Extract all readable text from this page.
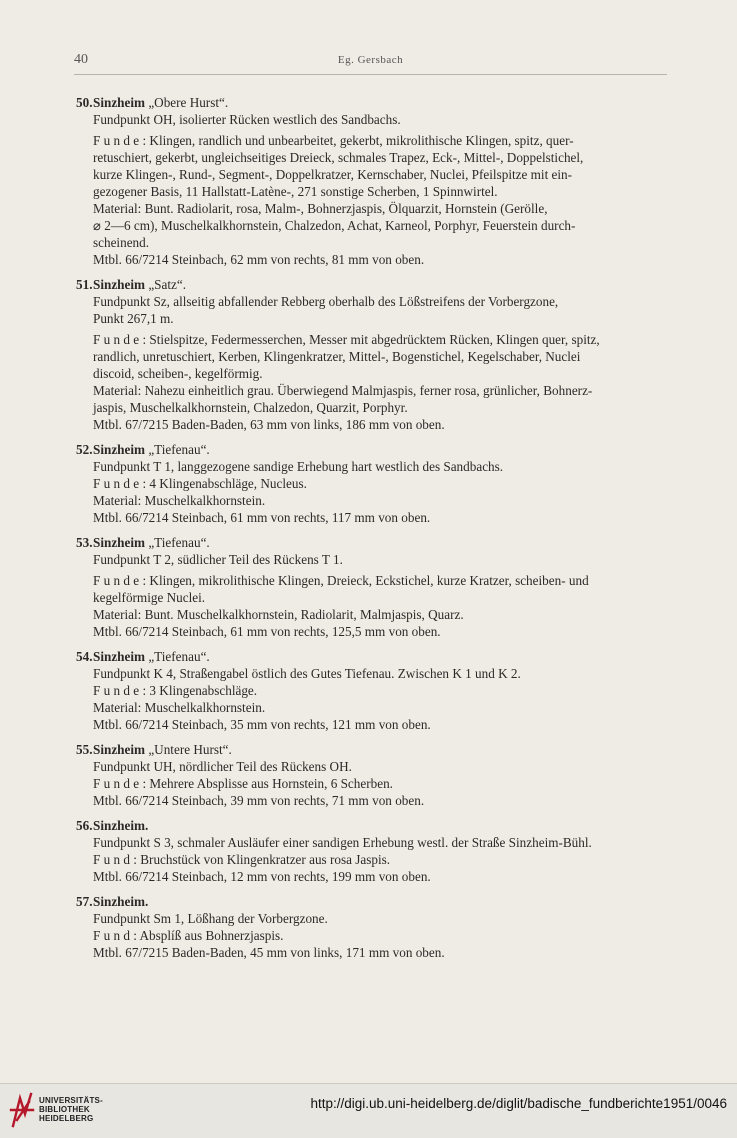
40	Eg. Gersbach
50. Sinzheim
„Obere Hurst“.
Fundpunkt OH, isolierter Rücken westlich des Sandbachs.
F u n d e : Klingen, randlich und unbearbeitet, gekerbt, mikrolithische Klingen, spitz, quer-
retuschiert, gekerbt, ungleichseitiges Dreieck, schmales Trapez, Eck-, Mittel-, Doppelstichel,
kurze Klingen-, Rund-, Segment-, Doppelkratzer, Kernschaber, Nuclei, Pfeilspitze mit ein-
gezogener Basis, 11 Hallstatt-Latène-, 271 sonstige Scherben, 1 Spinnwirtel.
Material: Bunt. Radiolarit, rosa, Malm-, Bohnerzjaspis, Ölquarzit, Hornstein (Gerölle,
⌀ 2—6 cm), Muschelkalkhornstein, Chalzedon, Achat, Karneol, Porphyr, Feuerstein durch-
scheinend.
Mtbl. 66/7214 Steinbach, 62 mm von rechts, 81 mm von oben.
51. Sinzheim
„Satz“.
Fundpunkt Sz, allseitig abfallender Rebberg oberhalb des Lößstreifens der Vorbergzone,
Punkt 267,1 m.
F u n d e : Stielspitze, Federmesserchen, Messer mit abgedrücktem Rücken, Klingen quer, spitz,
randlich, unretuschiert, Kerben, Klingenkratzer, Mittel-, Bogenstichel, Kegelschaber, Nuclei
discoid, scheiben-, kegelförmig.
Material: Nahezu einheitlich grau. Überwiegend Malmjaspis, ferner rosa, grünlicher, Bohnerz-
jaspis, Muschelkalkhornstein, Chalzedon, Quarzit, Porphyr.
Mtbl. 67/7215 Baden-Baden, 63 mm von links, 186 mm von oben.
52. Sinzheim
„Tiefenau“.
Fundpunkt T 1, langgezogene sandige Erhebung hart westlich des Sandbachs.
F u n d e : 4 Klingenabschläge, Nucleus.
Material: Muschelkalkhornstein.
Mtbl. 66/7214 Steinbach, 61 mm von rechts, 117 mm von oben.
53. Sinzheim
„Tiefenau“.
Fundpunkt T 2, südlicher Teil des Rückens T 1.
F u n d e : Klingen, mikrolithische Klingen, Dreieck, Eckstichel, kurze Kratzer, scheiben- und
kegelförmige Nuclei.
Material: Bunt. Muschelkalkhornstein, Radiolarit, Malmjaspis, Quarz.
Mtbl. 66/7214 Steinbach, 61 mm von rechts, 125,5 mm von oben.
54. Sinzheim
„Tiefenau“.
Fundpunkt K 4, Straßengabel östlich des Gutes Tiefenau. Zwischen K 1 und K 2.
F u n d e : 3 Klingenabschläge.
Material: Muschelkalkhornstein.
Mtbl. 66/7214 Steinbach, 35 mm von rechts, 121 mm von oben.
55. Sinzheim
„Untere Hurst“.
Fundpunkt UH, nördlicher Teil des Rückens OH.
F u n d e : Mehrere Absplisse aus Hornstein, 6 Scherben.
Mtbl. 66/7214 Steinbach, 39 mm von rechts, 71 mm von oben.
56. Sinzheim.
Fundpunkt S 3, schmaler Ausläufer einer sandigen Erhebung westl. der Straße Sinzheim-Bühl.
F u n d : Bruchstück von Klingenkratzer aus rosa Jaspis.
Mtbl. 66/7214 Steinbach, 12 mm von rechts, 199 mm von oben.
57. Sinzheim.
Fundpunkt Sm 1, Lößhang der Vorbergzone.
F u n d : Absplíß aus Bohnerzjaspis.
Mtbl. 67/7215 Baden-Baden, 45 mm von links, 171 mm von oben.
UNIVERSITÄTS-
BIBLIOTHEK
HEIDELBERG
http://digi.ub.uni-heidelberg.de/diglit/badische_fundberichte1951/0046
